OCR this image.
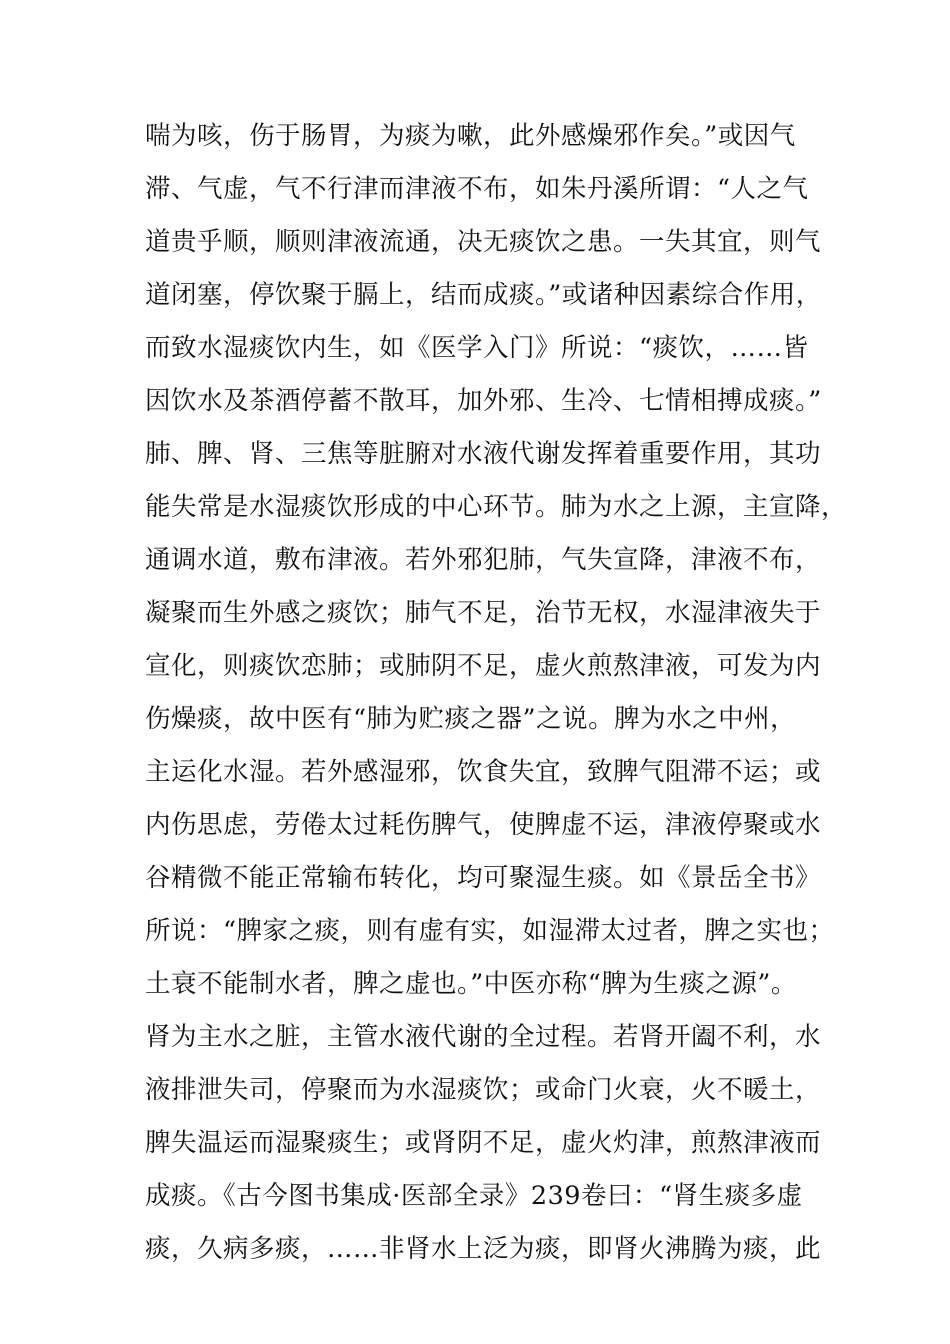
喘为咳，伤于肠胃，为痰为嗽，此外感燥邪作矣。”或因气
滞、气虚，气不行津而津液不布，如朱丹溪所谓：“人之气
道贵乎顺，顺则津液流通，决无痰饮之患。一失其宜，则气
道闭塞，停饮聚于膈上，结而成痰。”或诸种因素综合作用，
而致水湿痰饮内生，如《医学入门》所说：“痰饮，……皆
因饮水及茶酒停蓄不散耳，加外邪、生冷、七情相搏成痰。”
肺、脾、肾、三焦等脏腑对水液代谢发挥着重要作用，其功
能失常是水湿痰饮形成的中心环节。肺为水之上源，主宣降，
通调水道，敷布津液。若外邪犯肺，气失宣降，津液不布，
凝聚而生外感之痰饮；肺气不足，治节无权，水湿津液失于
宣化，则痰饮恋肺；或肺阴不足，虚火煎熬津液，可发为内
伤燥痰，故中医有“肺为贮痰之器”之说。脾为水之中州，
主运化水湿。若外感湿邪，饮食失宜，致脾气阻滞不运；或
内伤思虑，劳倦太过耗伤脾气，使脾虚不运，津液停聚或水
谷精微不能正常输布转化，均可聚湿生痰。如《景岳全书》
所说：“脾家之痰，则有虚有实，如湿滞太过者，脾之实也；
土衰不能制水者，脾之虚也。”中医亦称“脾为生痰之源”。
肾为主水之脏，主管水液代谢的全过程。若肾开阖不利，水
液排泄失司，停聚而为水湿痰饮；或命门火衰，火不暖土，
脾失温运而湿聚痰生；或肾阴不足，虚火灼津，煎熬津液而
成痰。《古今图书集成·医部全录》239卷曰：“肾生痰多虚
痰，久病多痰，……非肾水上泛为痰，即肾火沸腾为痰，此
